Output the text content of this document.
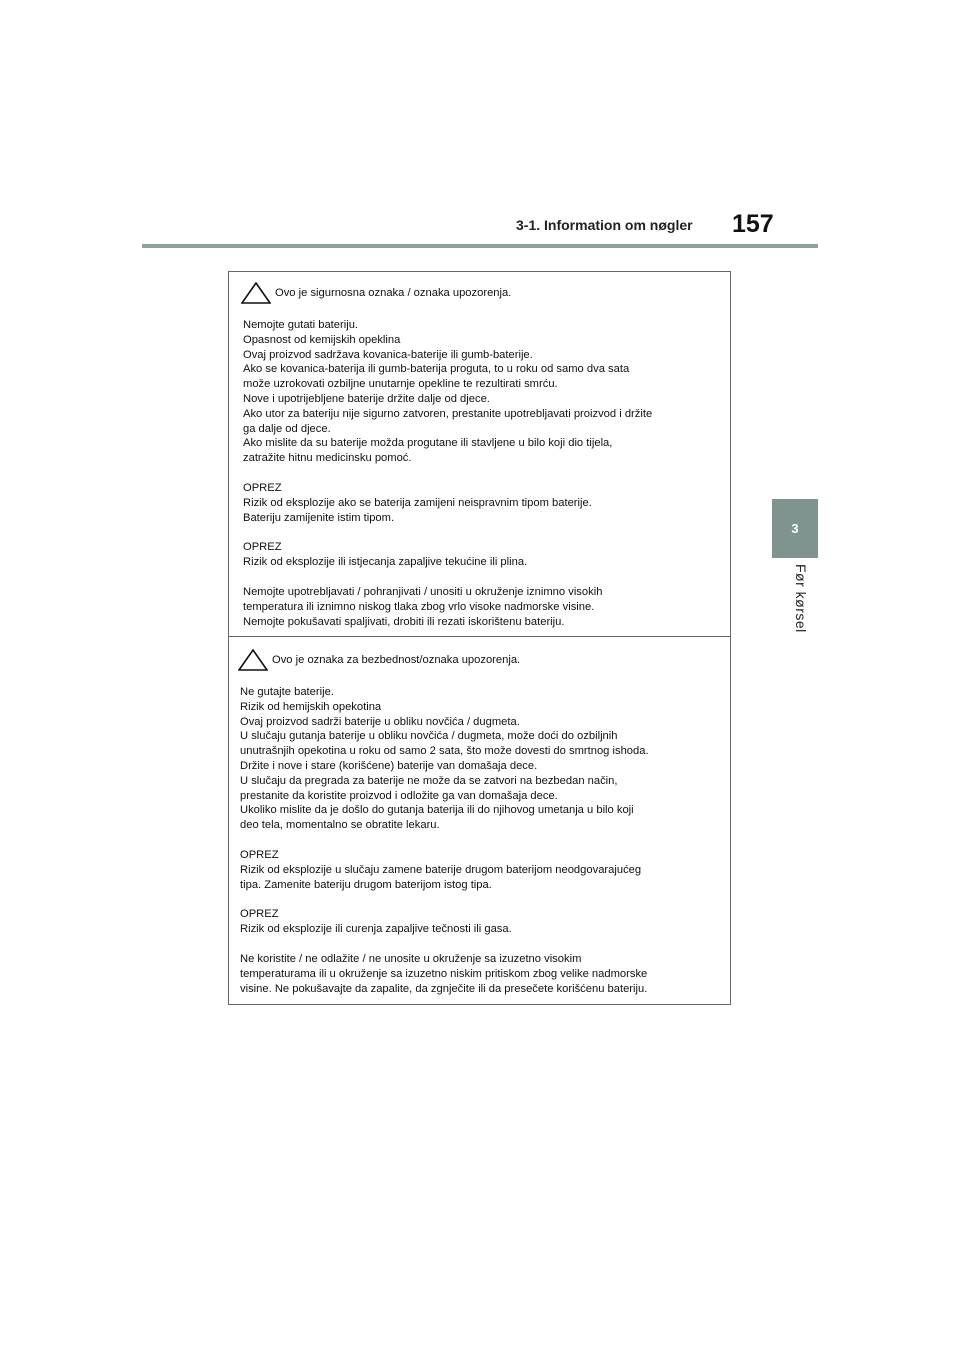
3-1. Information om nøgler 157
3
Før kørsel
Ovo je sigurnosna oznaka / oznaka upozorenja.
Nemojte gutati bateriju.
Opasnost od kemijskih opeklina
Ovaj proizvod sadržava kovanica-baterije ili gumb-baterije.
Ako se kovanica-baterija ili gumb-baterija proguta, to u roku od samo dva sata
može uzrokovati ozbiljne unutarnje opekline te rezultirati smrću.
Nove i upotrijebljene baterije držite dalje od djece.
Ako utor za bateriju nije sigurno zatvoren, prestanite upotrebljavati proizvod i držite
ga dalje od djece.
Ako mislite da su baterije možda progutane ili stavljene u bilo koji dio tijela,
zatražite hitnu medicinsku pomoć.
OPREZ
Rizik od eksplozije ako se baterija zamijeni neispravnim tipom baterije.
Bateriju zamijenite istim tipom.
OPREZ
Rizik od eksplozije ili istjecanja zapaljive tekućine ili plina.
Nemojte upotrebljavati / pohranjivati / unositi u okruženje iznimno visokih
temperatura ili iznimno niskog tlaka zbog vrlo visoke nadmorske visine.
Nemojte pokušavati spaljivati, drobiti ili rezati iskorištenu bateriju.
Ovo je oznaka za bezbednost/oznaka upozorenja.
Ne gutajte baterije.
Rizik od hemijskih opekotina
Ovaj proizvod sadrži baterije u obliku novčića / dugmeta.
U slučaju gutanja baterije u obliku novčića / dugmeta, može doći do ozbiljnih
unutrašnjih opekotina u roku od samo 2 sata, što može dovesti do smrtnog ishoda.
Držite i nove i stare (korišćene) baterije van domašaja dece.
U slučaju da pregrada za baterije ne može da se zatvori na bezbedan način,
prestanite da koristite proizvod i odložite ga van domašaja dece.
Ukoliko mislite da je došlo do gutanja baterija ili do njihovog umetanja u bilo koji
deo tela, momentalno se obratite lekaru.
OPREZ
Rizik od eksplozije u slučaju zamene baterije drugom baterijom neodgovarajućeg
tipa. Zamenite bateriju drugom baterijom istog tipa.
OPREZ
Rizik od eksplozije ili curenja zapaljive tečnosti ili gasa.
Ne koristite / ne odlažite / ne unosite u okruženje sa izuzetno visokim
temperaturama ili u okruženje sa izuzetno niskim pritiskom zbog velike nadmorske
visine. Ne pokušavajte da zapalite, da zgnječite ili da presečete korišćenu bateriju.
